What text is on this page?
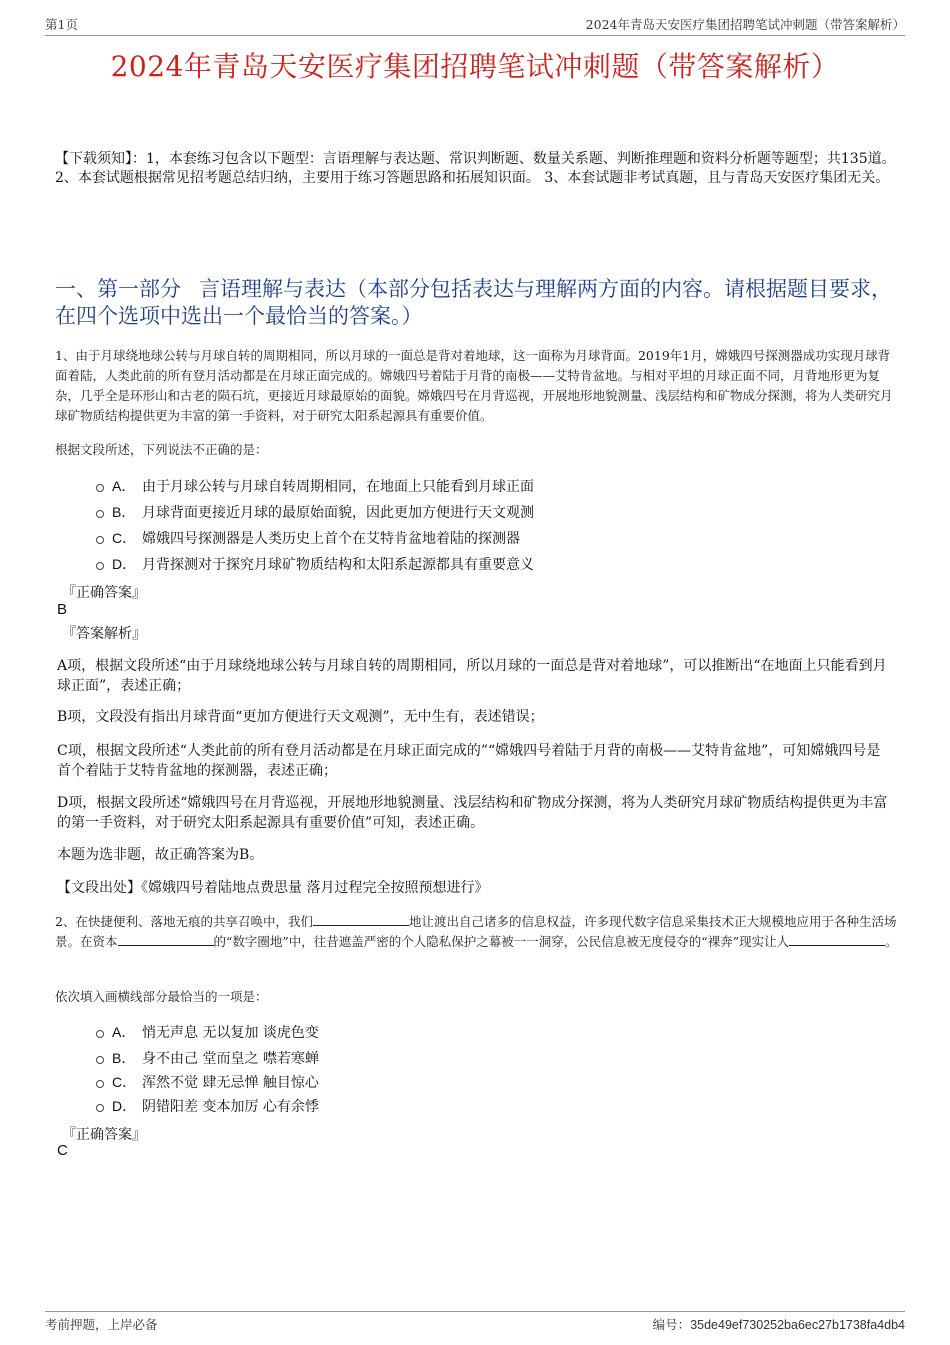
第1页	2024年青岛天安医疗集团招聘笔试冲刺题（带答案解析）
2024年青岛天安医疗集团招聘笔试冲刺题（带答案解析）
【下载须知】：1，本套练习包含以下题型：言语理解与表达题、常识判断题、数量关系题、判断推理题和资料分析题等题型；共135道。 2、本套试题根据常见招考题总结归纳，主要用于练习答题思路和拓展知识面。 3、本套试题非考试真题，且与青岛天安医疗集团无关。
一、第一部分 言语理解与表达（本部分包括表达与理解两方面的内容。请根据题目要求，在四个选项中选出一个最恰当的答案。）
1、由于月球绕地球公转与月球自转的周期相同，所以月球的一面总是背对着地球，这一面称为月球背面。2019年1月，嫦娥四号探测器成功实现月球背面着陆，人类此前的所有登月活动都是在月球正面完成的。嫦娥四号着陆于月背的南极——艾特肯盆地。与相对平坦的月球正面不同，月背地形更为复杂，几乎全是环形山和古老的陨石坑，更接近月球最原始的面貌。嫦娥四号在月背巡视，开展地形地貌测量、浅层结构和矿物成分探测，将为人类研究月球矿物质结构提供更为丰富的第一手资料，对于研究太阳系起源具有重要价值。
根据文段所述，下列说法不正确的是：
A． 由于月球公转与月球自转周期相同，在地面上只能看到月球正面
B． 月球背面更接近月球的最原始面貌，因此更加方便进行天文观测
C． 嫦娥四号探测器是人类历史上首个在艾特肯盆地着陆的探测器
D． 月背探测对于探究月球矿物质结构和太阳系起源都具有重要意义
『正确答案』
B
『答案解析』
A项，根据文段所述“由于月球绕地球公转与月球自转的周期相同，所以月球的一面总是背对着地球”，可以推断出“在地面上只能看到月球正面”，表述正确；
B项，文段没有指出月球背面“更加方便进行天文观测”，无中生有，表述错误；
C项，根据文段所述“人类此前的所有登月活动都是在月球正面完成的”“嫦娥四号着陆于月背的南极——艾特肯盆地”，可知嫦娥四号是首个着陆于艾特肯盆地的探测器，表述正确；
D项，根据文段所述“嫦娥四号在月背巡视，开展地形地貌测量、浅层结构和矿物成分探测，将为人类研究月球矿物质结构提供更为丰富的第一手资料，对于研究太阳系起源具有重要价值”可知，表述正确。
本题为选非题，故正确答案为B。
【文段出处】《嫦娥四号着陆地点费思量 落月过程完全按照预想进行》
2、在快捷便利、落地无痕的共享召唤中，我们	地让渡出自己诸多的信息权益，许多现代数字信息采集技术正大规模地应用于各种生活场景。在资本	的“数字圈地”中，往昔遮盖严密的个人隐私保护之幕被一一洞穿，公民信息被无度侵夺的“裸奔”现实让人	。
依次填入画横线部分最恰当的一项是：
A． 悄无声息 无以复加 谈虎色变
B． 身不由己 堂而皇之 噤若寒蝉
C． 浑然不觉 肆无忌惮 触目惊心
D． 阴错阳差 变本加厉 心有余悸
『正确答案』
C
考前押题，上岸必备	编号：35de49ef730252ba6ec27b1738fa4db4
